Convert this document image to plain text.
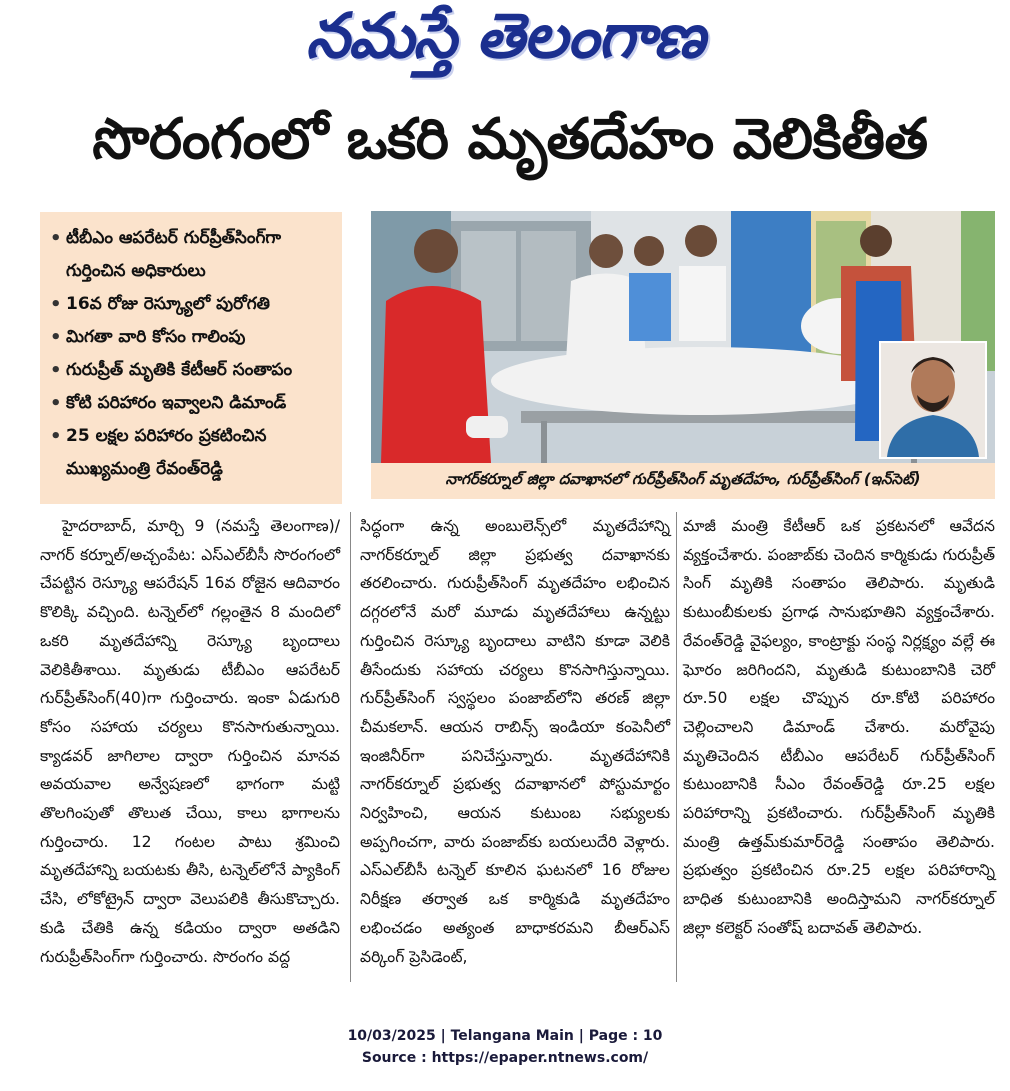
నమస్తే తెలంగాణ
సొరంగంలో ఒకరి మృతదేహం వెలికితీత
• టీబీఎం ఆపరేటర్ గుర్‌ప్రీత్‌సింగ్‌గా గుర్తించిన అధికారులు
• 16వ రోజు రెస్క్యూలో పురోగతి
• మిగతా వారి కోసం గాలింపు
• గురుప్రీత్ మృతికి కేటీఆర్ సంతాపం
• కోటి పరిహారం ఇవ్వాలని డిమాండ్
• 25 లక్షల పరిహారం ప్రకటించిన ముఖ్యమంత్రి రేవంత్‌రెడ్డి	నాగర్‌కర్నూల్ జిల్లా దవాఖానలో గుర్‌ప్రీత్‌సింగ్ మృతదేహం, గుర్‌ప్రీత్‌సింగ్ (ఇన్‌సెట్)

హైదరాబాద్, మార్చి 9 (నమస్తే తెలంగాణ)/నాగర్ కర్నూల్/అచ్చంపేట: ఎస్‌ఎల్‌బీసీ సొరంగంలో చేపట్టిన రెస్క్యూ ఆపరేషన్ 16వ రోజైన ఆదివారం కొలిక్కి వచ్చింది. టన్నెల్‌లో గల్లంతైన 8 మందిలో ఒకరి మృతదేహాన్ని రెస్క్యూ బృందాలు వెలికితీశాయి. మృతుడు టీబీఎం ఆపరేటర్ గుర్‌ప్రీత్‌సింగ్(40)గా గుర్తించారు. ఇంకా ఏడుగురి కోసం సహాయ చర్యలు కొనసాగుతున్నాయి. క్యాడవర్ జాగిలాల ద్వారా గుర్తించిన మానవ అవయవాల అన్వేషణలో భాగంగా మట్టి తొలగింపుతో తొలుత చేయి, కాలు భాగాలను గుర్తించారు. 12 గంటల పాటు శ్రమించి మృతదేహాన్ని బయటకు తీసి, టన్నెల్‌లోనే ప్యాకింగ్ చేసి, లోకోట్రైన్ ద్వారా వెలుపలికి తీసుకొచ్చారు. కుడి చేతికి ఉన్న కడియం ద్వారా అతడిని గురుప్రీత్‌సింగ్‌గా గుర్తించారు. సొరంగం వద్ద

సిద్ధంగా ఉన్న అంబులెన్స్‌లో మృతదేహాన్ని నాగర్‌కర్నూల్ జిల్లా ప్రభుత్వ దవాఖానకు తరలించారు. గురుప్రీత్‌సింగ్ మృతదేహం లభించిన దగ్గరలోనే మరో మూడు మృతదేహాలు ఉన్నట్టు గుర్తించిన రెస్క్యూ బృందాలు వాటిని కూడా వెలికి తీసేందుకు సహాయ చర్యలు కొనసాగిస్తున్నాయి. గుర్‌ప్రీత్‌సింగ్ స్వస్థలం పంజాబ్‌లోని తరణ్ జిల్లా చీమకలాన్. ఆయన రాబిన్స్ ఇండియా కంపెనీలో ఇంజినీర్‌గా పనిచేస్తున్నారు. మృతదేహానికి నాగర్‌కర్నూల్ ప్రభుత్వ దవాఖానలో పోస్టుమార్టం నిర్వహించి, ఆయన కుటుంబ సభ్యులకు అప్పగించగా, వారు పంజాబ్‌కు బయలుదేరి వెళ్లారు. ఎస్‌ఎల్‌బీసీ టన్నెల్ కూలిన ఘటనలో 16 రోజుల నిరీక్షణ తర్వాత ఒక కార్మికుడి మృతదేహం లభించడం అత్యంత బాధాకరమని బీఆర్‌ఎస్ వర్కింగ్ ప్రెసిడెంట్,

మాజీ మంత్రి కేటీఆర్ ఒక ప్రకటనలో ఆవేదన వ్యక్తంచేశారు. పంజాబ్‌కు చెందిన కార్మికుడు గురుప్రీత్ సింగ్ మృతికి సంతాపం తెలిపారు. మృతుడి కుటుంబీకులకు ప్రగాఢ సానుభూతిని వ్యక్తంచేశారు. రేవంత్‌రెడ్డి వైఫల్యం, కాంట్రాక్టు సంస్థ నిర్లక్ష్యం వల్లే ఈ ఘోరం జరిగిందని, మృతుడి కుటుంబానికి చెరో రూ.50 లక్షల చొప్పున రూ.కోటి పరిహారం చెల్లించాలని డిమాండ్ చేశారు. మరోవైపు మృతిచెందిన టీబీఎం ఆపరేటర్ గుర్‌ప్రీత్‌సింగ్ కుటుంబానికి సీఎం రేవంత్‌రెడ్డి రూ.25 లక్షల పరిహారాన్ని ప్రకటించారు. గుర్‌ప్రీత్‌సింగ్ మృతికి మంత్రి ఉత్తమ్‌కుమార్‌రెడ్డి సంతాపం తెలిపారు. ప్రభుత్వం ప్రకటించిన రూ.25 లక్షల పరిహారాన్ని బాధిత కుటుంబానికి అందిస్తామని నాగర్‌కర్నూల్ జిల్లా కలెక్టర్ సంతోష్ బదావత్ తెలిపారు.

10/03/2025 | Telangana Main | Page : 10
Source : https://epaper.ntnews.com/
